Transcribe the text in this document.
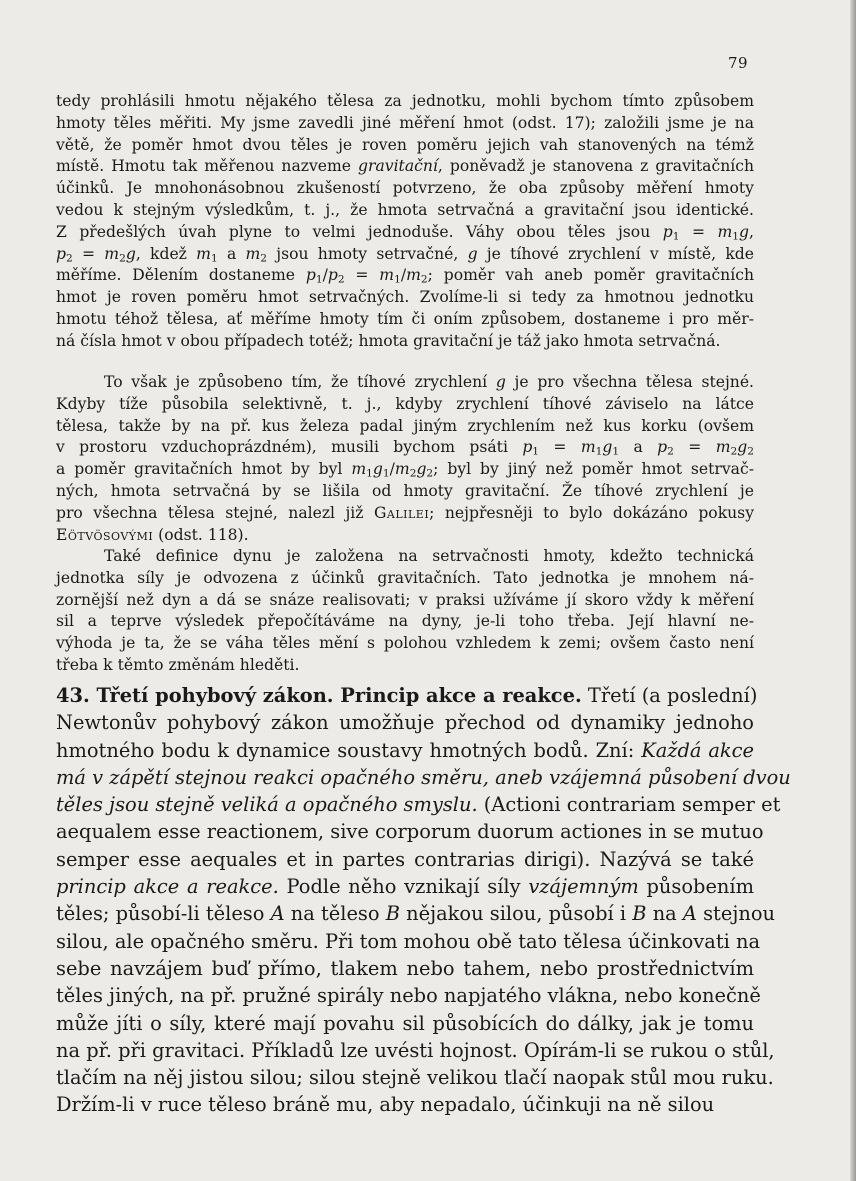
79
tedy prohlásili hmotu nějakého tělesa za jednotku, mohli bychom tímto způsobem
hmoty těles měřiti. My jsme zavedli jiné měření hmot (odst. 17); založili jsme je na
větě, že poměr hmot dvou těles je roven poměru jejich vah stanovených na témž
místě. Hmotu tak měřenou nazveme gravitační, poněvadž je stanovena z gravitačních
účinků. Je mnohonásobnou zkušeností potvrzeno, že oba způsoby měření hmoty
vedou k stejným výsledkům, t. j., že hmota setrvačná a gravitační jsou identické.
Z předešlých úvah plyne to velmi jednoduše. Váhy obou těles jsou $p_1 = m_1g$,
$p_2 = m_2g$, kdež $m_1$ a $m_2$ jsou hmoty setrvačné, g je tíhové zrychlení v místě, kde
měříme. Dělením dostaneme $p_1/p_2 = m_1/m_2$; poměr vah aneb poměr gravitačních
hmot je roven poměru hmot setrvačných. Zvolíme-li si tedy za hmotnou jednotku
hmotu téhož tělesa, ať měříme hmoty tím či oním způsobem, dostaneme i pro měr-
ná čísla hmot v obou případech totéž; hmota gravitační je táž jako hmota setrvačná.
To však je způsobeno tím, že tíhové zrychlení g je pro všechna tělesa stejné.
Kdyby tíže působila selektivně, t. j., kdyby zrychlení tíhové záviselo na látce
tělesa, takže by na př. kus železa padal jiným zrychlením než kus korku (ovšem
v prostoru vzduchoprázdném), musili bychom psáti $p_1 = m_1g_1$ a $p_2 = m_2g_2$
a poměr gravitačních hmot by byl $m_1g_1/m_2g_2$; byl by jiný než poměr hmot setrvač-
ných, hmota setrvačná by se lišila od hmoty gravitační. Že tíhové zrychlení je
pro všechna tělesa stejné, nalezl již Galilei; nejpřesněji to bylo dokázáno pokusy
Eötvösovými (odst. 118).
Také definice dynu je založena na setrvačnosti hmoty, kdežto technická
jednotka síly je odvozena z účinků gravitačních. Tato jednotka je mnohem ná-
zornější než dyn a dá se snáze realisovati; v praksi užíváme jí skoro vždy k měření
sil a teprve výsledek přepočítáváme na dyny, je-li toho třeba. Její hlavní ne-
výhoda je ta, že se váha těles mění s polohou vzhledem k zemi; ovšem často není
třeba k těmto změnám hleděti.
43. Třetí pohybový zákon. Princip akce a reakce. Třetí (a poslední)
Newtonův pohybový zákon umožňuje přechod od dynamiky jednoho
hmotného bodu k dynamice soustavy hmotných bodů. Zní: Každá akce
má v zápětí stejnou reakci opačného směru, aneb vzájemná působení dvou
těles jsou stejně veliká a opačného smyslu. (Actioni contrariam semper et
aequalem esse reactionem, sive corporum duorum actiones in se mutuo
semper esse aequales et in partes contrarias dirigi). Nazývá se také
princip akce a reakce. Podle něho vznikají síly vzájemným působením
těles; působí-li těleso A na těleso B nějakou silou, působí i B na A stejnou
silou, ale opačného směru. Při tom mohou obě tato tělesa účinkovati na
sebe navzájem buď přímo, tlakem nebo tahem, nebo prostřednictvím
těles jiných, na př. pružné spirály nebo napjatého vlákna, nebo konečně
může jíti o síly, které mají povahu sil působících do dálky, jak je tomu
na př. při gravitaci. Příkladů lze uvésti hojnost. Opírám-li se rukou o stůl,
tlačím na něj jistou silou; silou stejně velikou tlačí naopak stůl mou ruku.
Držím-li v ruce těleso bráně mu, aby nepadalo, účinkuji na ně silou
